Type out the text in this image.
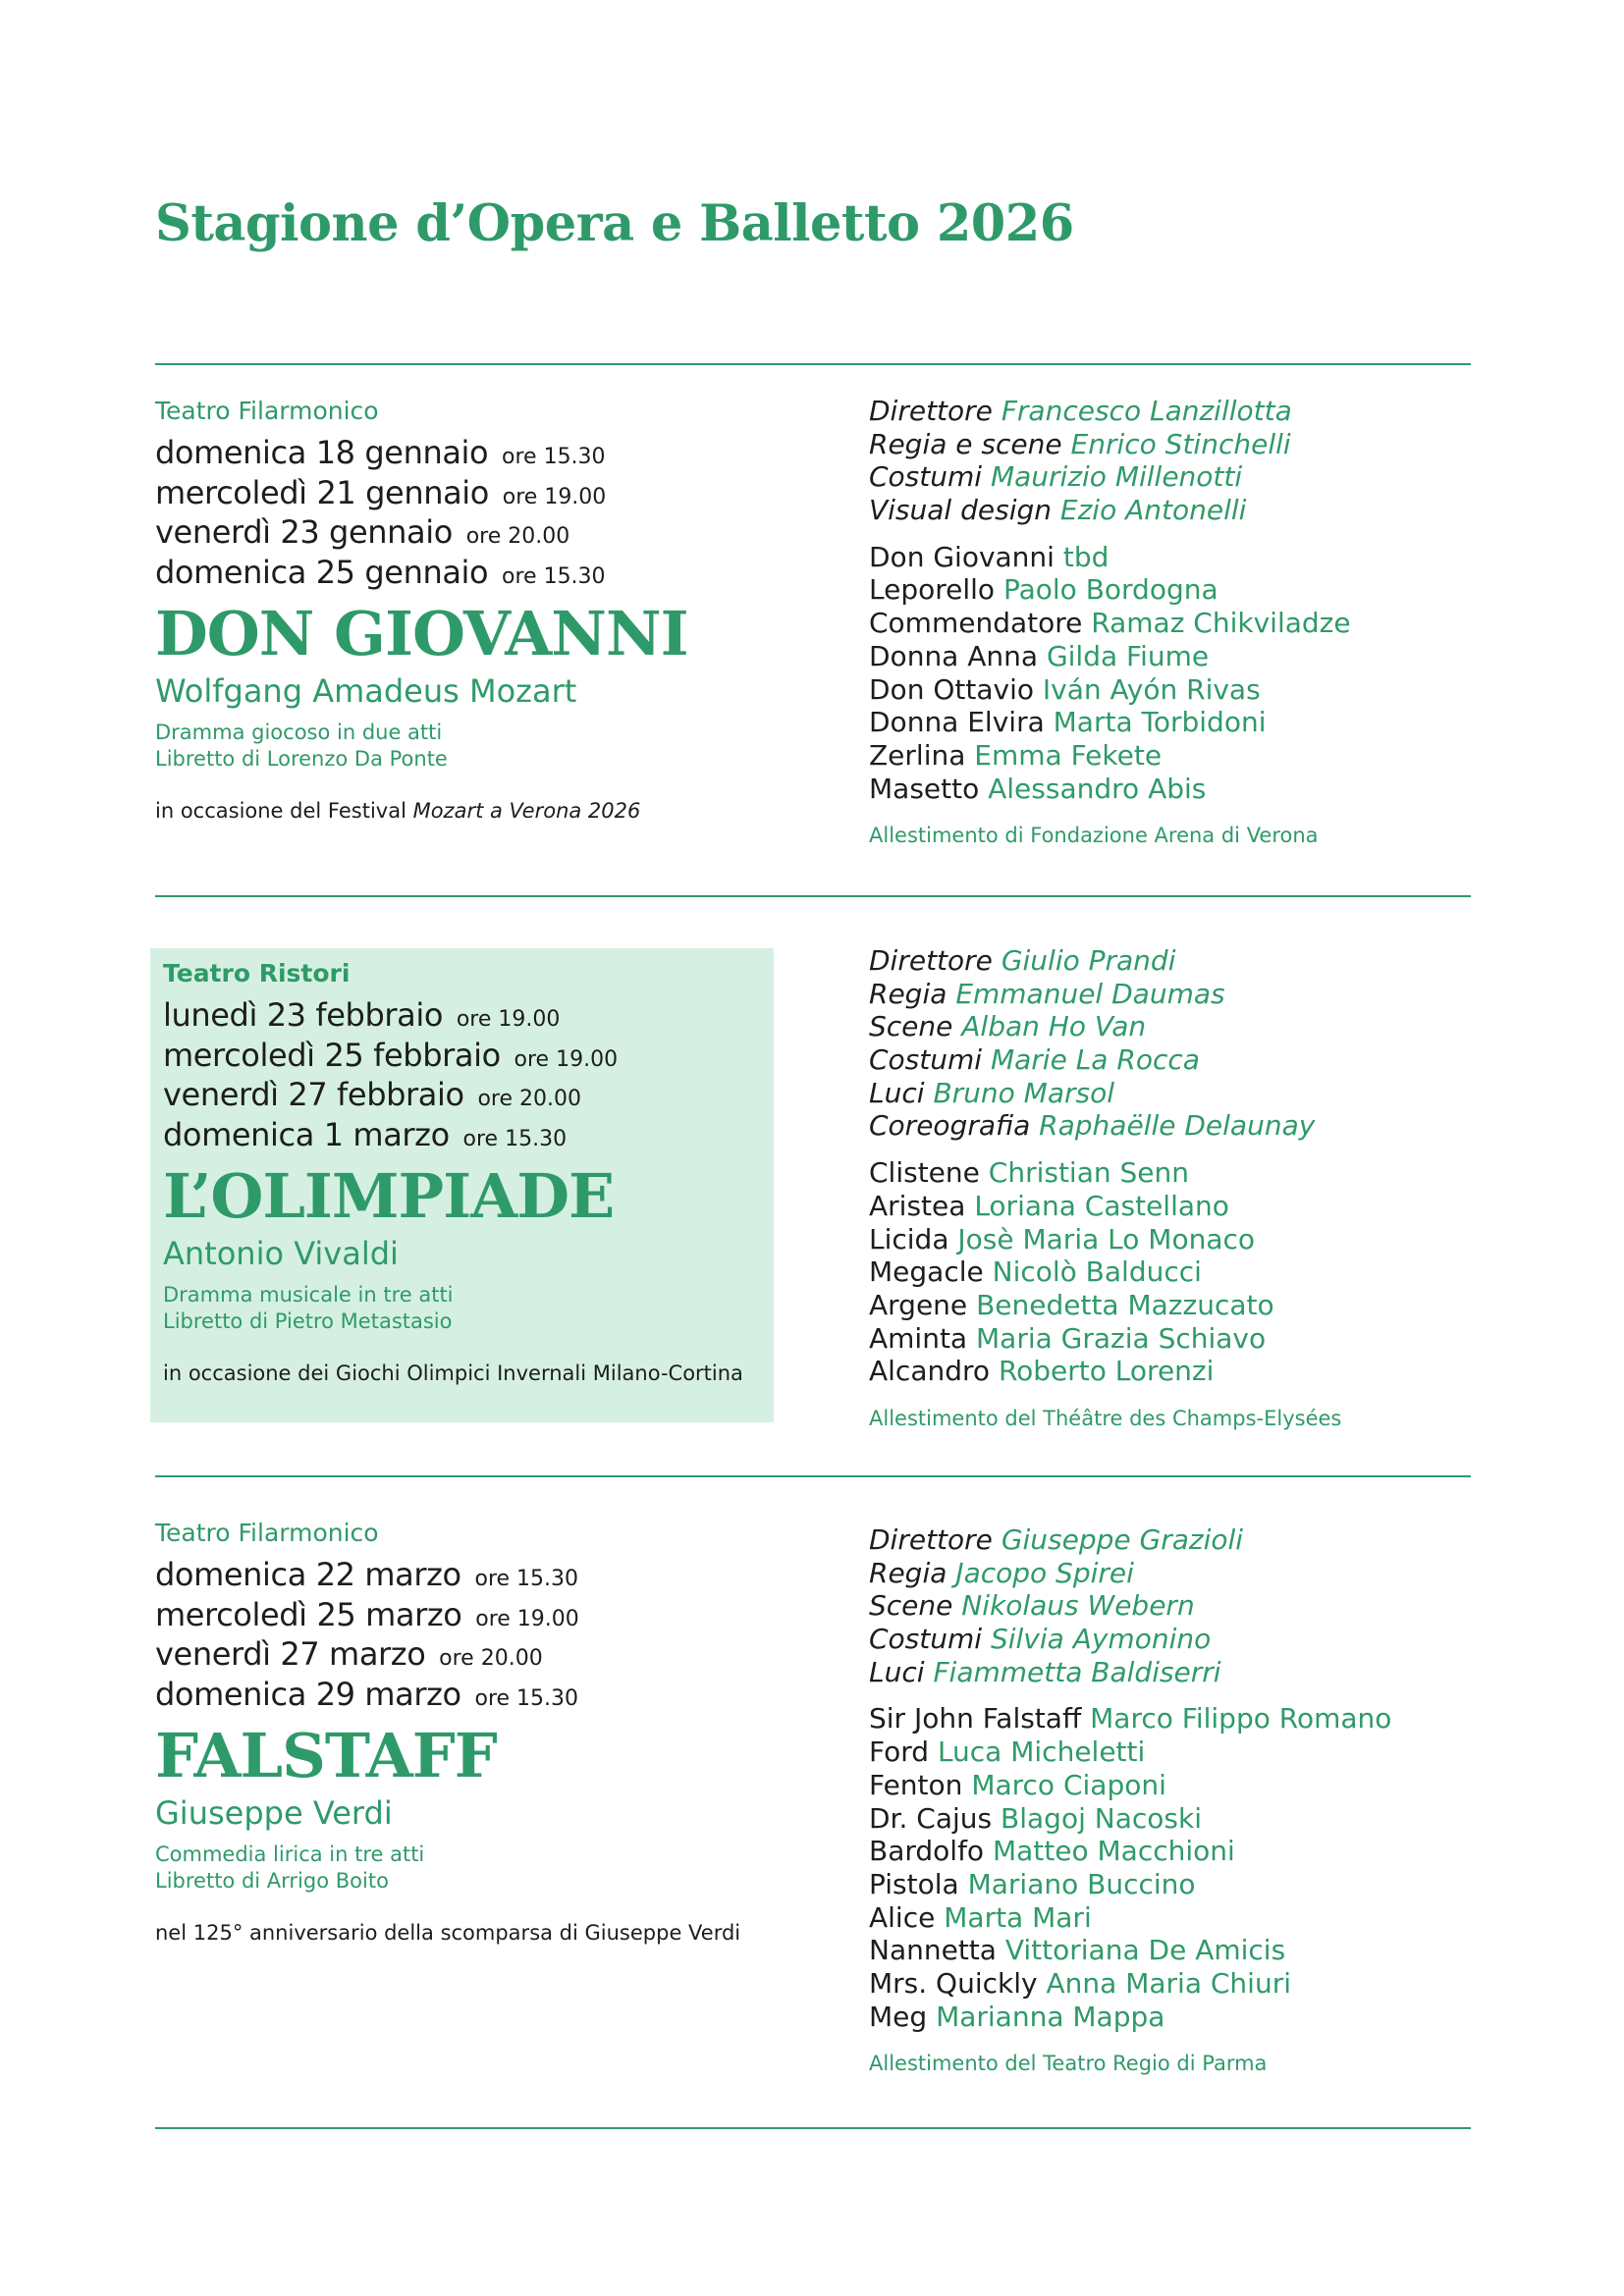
Stagione d’Opera e Balletto 2026
Teatro Filarmonico
domenica 18 gennaio ore 15.30
mercoledì 21 gennaio ore 19.00
venerdì 23 gennaio ore 20.00
domenica 25 gennaio ore 15.30
DON GIOVANNI
Wolfgang Amadeus Mozart
Dramma giocoso in due atti
Libretto di Lorenzo Da Ponte
in occasione del Festival Mozart a Verona 2026
Direttore Francesco Lanzillotta
Regia e scene Enrico Stinchelli
Costumi Maurizio Millenotti
Visual design Ezio Antonelli
Don Giovanni tbd
Leporello Paolo Bordogna
Commendatore Ramaz Chikviladze
Donna Anna Gilda Fiume
Don Ottavio Iván Ayón Rivas
Donna Elvira Marta Torbidoni
Zerlina Emma Fekete
Masetto Alessandro Abis
Allestimento di Fondazione Arena di Verona
Teatro Ristori
lunedì 23 febbraio ore 19.00
mercoledì 25 febbraio ore 19.00
venerdì 27 febbraio ore 20.00
domenica 1 marzo ore 15.30
L’OLIMPIADE
Antonio Vivaldi
Dramma musicale in tre atti
Libretto di Pietro Metastasio
in occasione dei Giochi Olimpici Invernali Milano-Cortina
Direttore Giulio Prandi
Regia Emmanuel Daumas
Scene Alban Ho Van
Costumi Marie La Rocca
Luci Bruno Marsol
Coreografia Raphaëlle Delaunay
Clistene Christian Senn
Aristea Loriana Castellano
Licida Josè Maria Lo Monaco
Megacle Nicolò Balducci
Argene Benedetta Mazzucato
Aminta Maria Grazia Schiavo
Alcandro Roberto Lorenzi
Allestimento del Théâtre des Champs-Elysées
Teatro Filarmonico
domenica 22 marzo ore 15.30
mercoledì 25 marzo ore 19.00
venerdì 27 marzo ore 20.00
domenica 29 marzo ore 15.30
FALSTAFF
Giuseppe Verdi
Commedia lirica in tre atti
Libretto di Arrigo Boito
nel 125° anniversario della scomparsa di Giuseppe Verdi
Direttore Giuseppe Grazioli
Regia Jacopo Spirei
Scene Nikolaus Webern
Costumi Silvia Aymonino
Luci Fiammetta Baldiserri
Sir John Falstaff Marco Filippo Romano
Ford Luca Micheletti
Fenton Marco Ciaponi
Dr. Cajus Blagoj Nacoski
Bardolfo Matteo Macchioni
Pistola Mariano Buccino
Alice Marta Mari
Nannetta Vittoriana De Amicis
Mrs. Quickly Anna Maria Chiuri
Meg Marianna Mappa
Allestimento del Teatro Regio di Parma
